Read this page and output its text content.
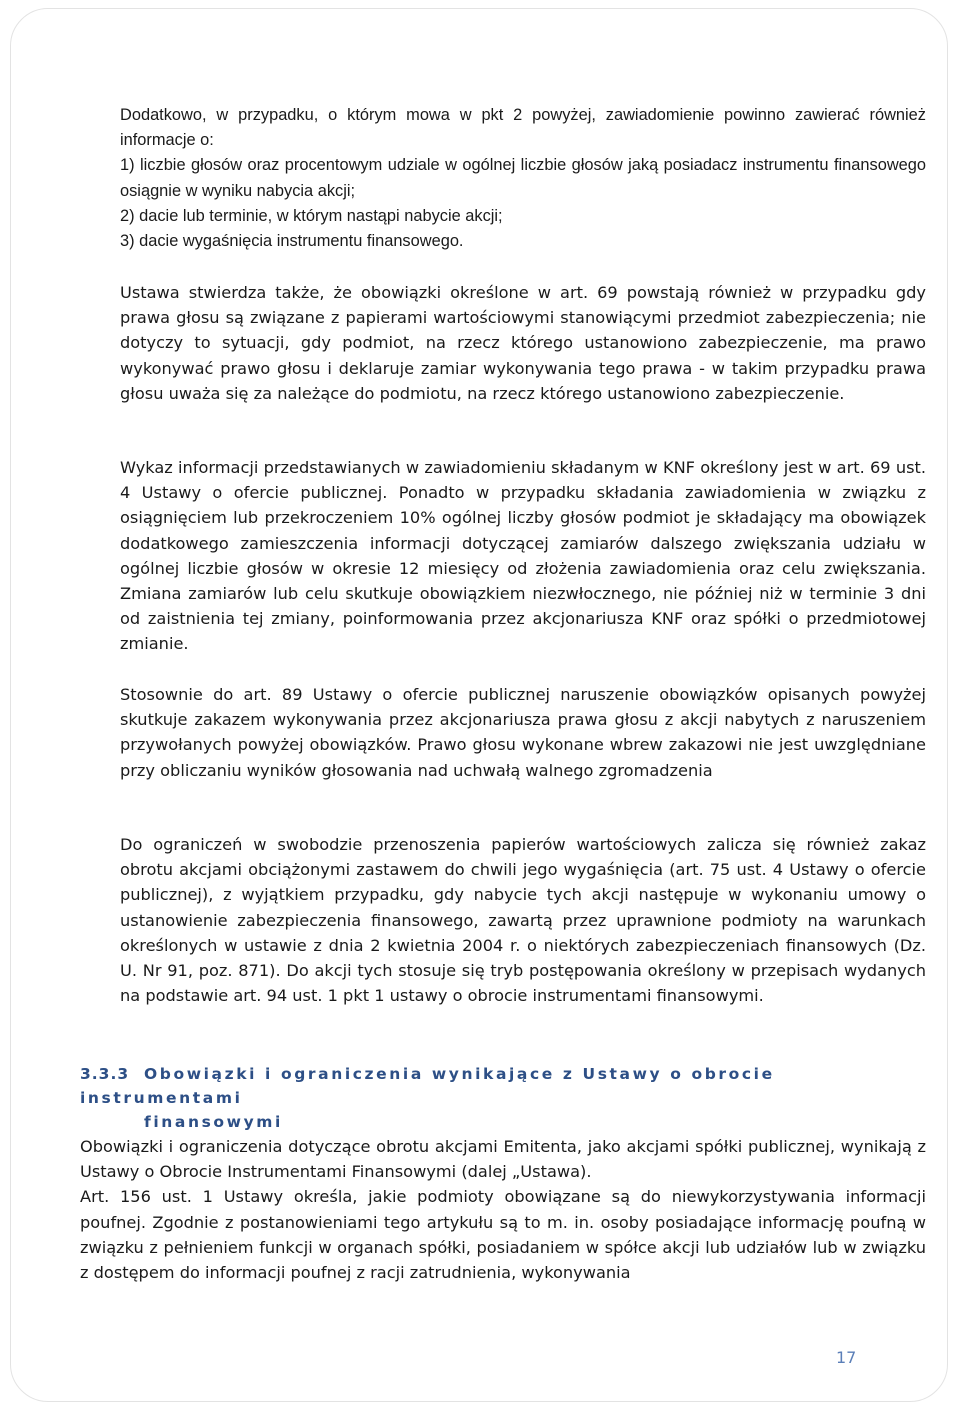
Dodatkowo, w przypadku, o którym mowa w pkt 2 powyżej, zawiadomienie powinno zawierać również informacje o:

1) liczbie głosów oraz procentowym udziale w ogólnej liczbie głosów jaką posiadacz instrumentu finansowego osiągnie w wyniku nabycia akcji;

2) dacie lub terminie, w którym nastąpi nabycie akcji;

3) dacie wygaśnięcia instrumentu finansowego.

Ustawa stwierdza także, że obowiązki określone w art. 69 powstają również w przypadku gdy prawa głosu są związane z papierami wartościowymi stanowiącymi przedmiot zabezpieczenia; nie dotyczy to sytuacji, gdy podmiot, na rzecz którego ustanowiono zabezpieczenie, ma prawo wykonywać prawo głosu i deklaruje zamiar wykonywania tego prawa - w takim przypadku prawa głosu uważa się za należące do podmiotu, na rzecz którego ustanowiono zabezpieczenie.

Wykaz informacji przedstawianych w zawiadomieniu składanym w KNF określony jest w art. 69 ust. 4 Ustawy o ofercie publicznej. Ponadto w przypadku składania zawiadomienia w związku z osiągnięciem lub przekroczeniem 10% ogólnej liczby głosów podmiot je składający ma obowiązek dodatkowego zamieszczenia informacji dotyczącej zamiarów dalszego zwiększania udziału w ogólnej liczbie głosów w okresie 12 miesięcy od złożenia zawiadomienia oraz celu zwiększania. Zmiana zamiarów lub celu skutkuje obowiązkiem niezwłocznego, nie później niż w terminie 3 dni od zaistnienia tej zmiany, poinformowania przez akcjonariusza KNF oraz spółki o przedmiotowej zmianie.

Stosownie do art. 89 Ustawy o ofercie publicznej naruszenie obowiązków opisanych powyżej skutkuje zakazem wykonywania przez akcjonariusza prawa głosu z akcji nabytych z naruszeniem przywołanych powyżej obowiązków. Prawo głosu wykonane wbrew zakazowi nie jest uwzględniane przy obliczaniu wyników głosowania nad uchwałą walnego zgromadzenia

Do ograniczeń w swobodzie przenoszenia papierów wartościowych zalicza się również zakaz obrotu akcjami obciążonymi zastawem do chwili jego wygaśnięcia (art. 75 ust. 4 Ustawy o ofercie publicznej), z wyjątkiem przypadku, gdy nabycie tych akcji następuje w wykonaniu umowy o ustanowienie zabezpieczenia finansowego, zawartą przez uprawnione podmioty na warunkach określonych w ustawie z dnia 2 kwietnia 2004 r. o niektórych zabezpieczeniach finansowych (Dz. U. Nr 91, poz. 871). Do akcji tych stosuje się tryb postępowania określony w przepisach wydanych na podstawie art. 94 ust. 1 pkt 1 ustawy o obrocie instrumentami finansowymi.

3.3.3 Obowiązki i ograniczenia wynikające z Ustawy o obrocie instrumentami
finansowymi

Obowiązki i ograniczenia dotyczące obrotu akcjami Emitenta, jako akcjami spółki publicznej, wynikają z Ustawy o Obrocie Instrumentami Finansowymi (dalej „Ustawa).

Art. 156 ust. 1 Ustawy określa, jakie podmioty obowiązane są do niewykorzystywania informacji poufnej. Zgodnie z postanowieniami tego artykułu są to m. in. osoby posiadające informację poufną w związku z pełnieniem funkcji w organach spółki, posiadaniem w spółce akcji lub udziałów lub w związku z dostępem do informacji poufnej z racji zatrudnienia, wykonywania

17
